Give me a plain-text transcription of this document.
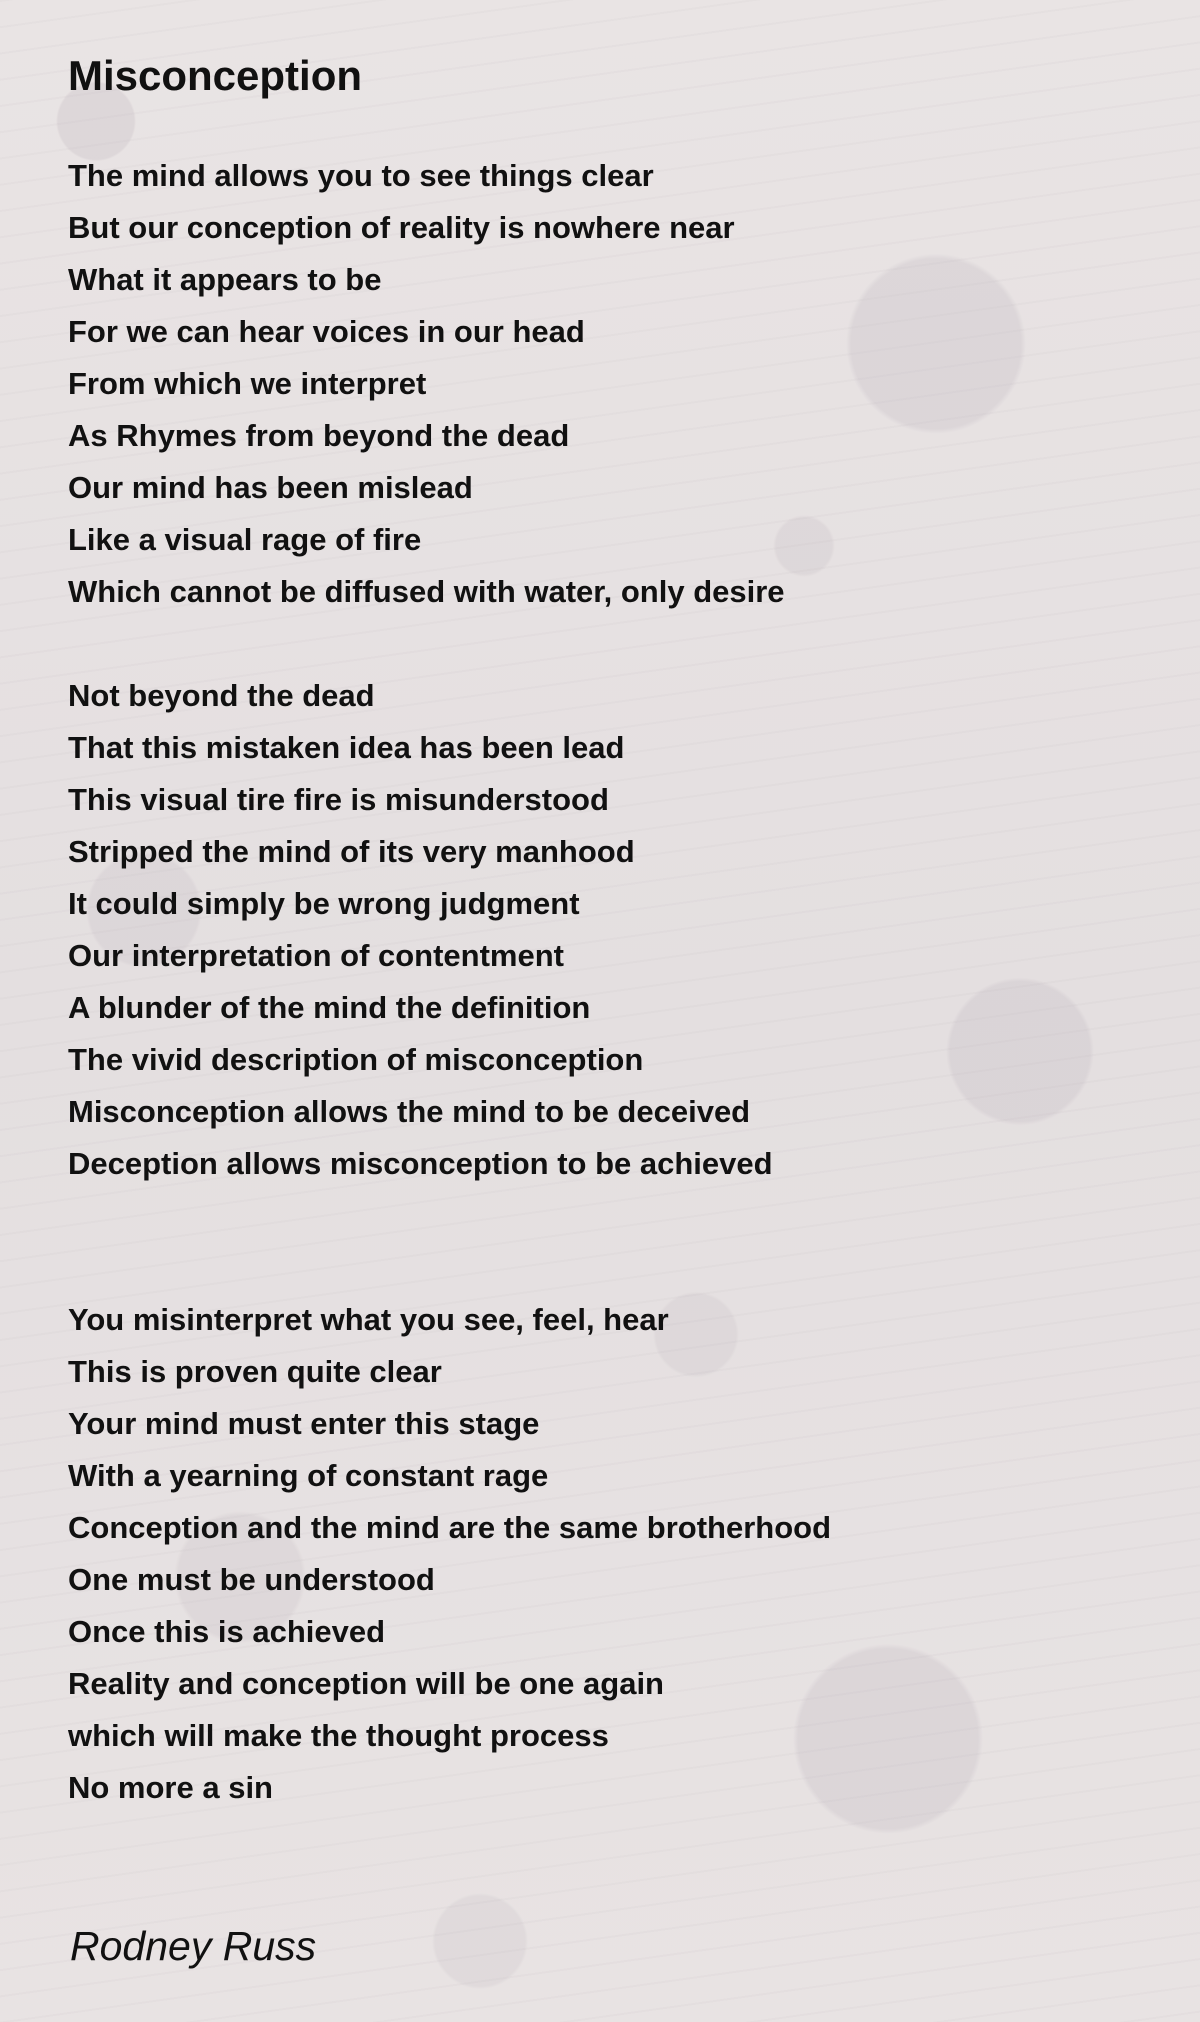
Misconception
The mind allows you to see things clear
But our conception of reality is nowhere near
What it appears to be
For we can hear voices in our head
From which we interpret
As Rhymes from beyond the dead
Our mind has been mislead
Like a visual rage of fire
Which cannot be diffused with water, only desire
Not beyond the dead
That this mistaken idea has been lead
This visual tire fire is misunderstood
Stripped the mind of its very manhood
It could simply be wrong judgment
Our interpretation of contentment
A blunder of the mind the definition
The vivid description of misconception
Misconception allows the mind to be deceived
Deception allows misconception to be achieved
You misinterpret what you see, feel, hear
This is proven quite clear
Your mind must enter this stage
With a yearning of constant rage
Conception and the mind are the same brotherhood
One must be understood
Once this is achieved
Reality and conception will be one again
which will make the thought process
No more a sin
Rodney Russ
